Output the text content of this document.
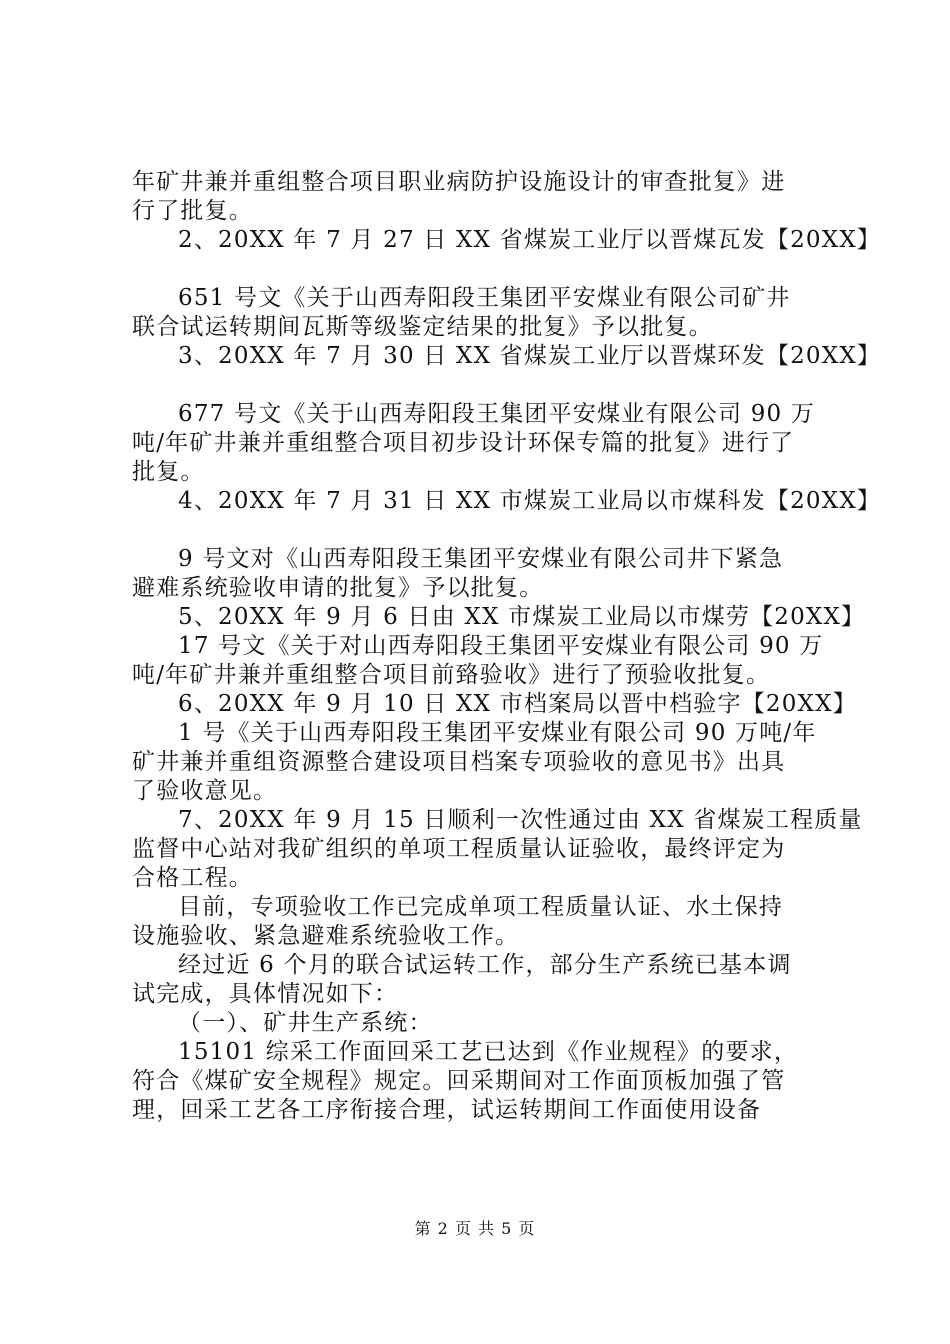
年矿井兼并重组整合项目职业病防护设施设计的审查批复》进
行了批复。
2、20XX 年 7 月 27 日 XX 省煤炭工业厅以晋煤瓦发【20XX】
651 号文《关于山西寿阳段王集团平安煤业有限公司矿井
联合试运转期间瓦斯等级鉴定结果的批复》予以批复。
3、20XX 年 7 月 30 日 XX 省煤炭工业厅以晋煤环发【20XX】
677 号文《关于山西寿阳段王集团平安煤业有限公司 90 万
吨/年矿井兼并重组整合项目初步设计环保专篇的批复》进行了
批复。
4、20XX 年 7 月 31 日 XX 市煤炭工业局以市煤科发【20XX】
9 号文对《山西寿阳段王集团平安煤业有限公司井下紧急
避难系统验收申请的批复》予以批复。
5、20XX 年 9 月 6 日由 XX 市煤炭工业局以市煤劳【20XX】
17 号文《关于对山西寿阳段王集团平安煤业有限公司 90 万
吨/年矿井兼并重组整合项目前臵验收》进行了预验收批复。
6、20XX 年 9 月 10 日 XX 市档案局以晋中档验字【20XX】
1 号《关于山西寿阳段王集团平安煤业有限公司 90 万吨/年
矿井兼并重组资源整合建设项目档案专项验收的意见书》出具
了验收意见。
7、20XX 年 9 月 15 日顺利一次性通过由 XX 省煤炭工程质量
监督中心站对我矿组织的单项工程质量认证验收，最终评定为
合格工程。
目前，专项验收工作已完成单项工程质量认证、水土保持
设施验收、紧急避难系统验收工作。
经过近 6 个月的联合试运转工作，部分生产系统已基本调
试完成，具体情况如下：
（一）、矿井生产系统：
15101 综采工作面回采工艺已达到《作业规程》的要求，
符合《煤矿安全规程》规定。回采期间对工作面顶板加强了管
理，回采工艺各工序衔接合理，试运转期间工作面使用设备
第 2 页 共 5 页
